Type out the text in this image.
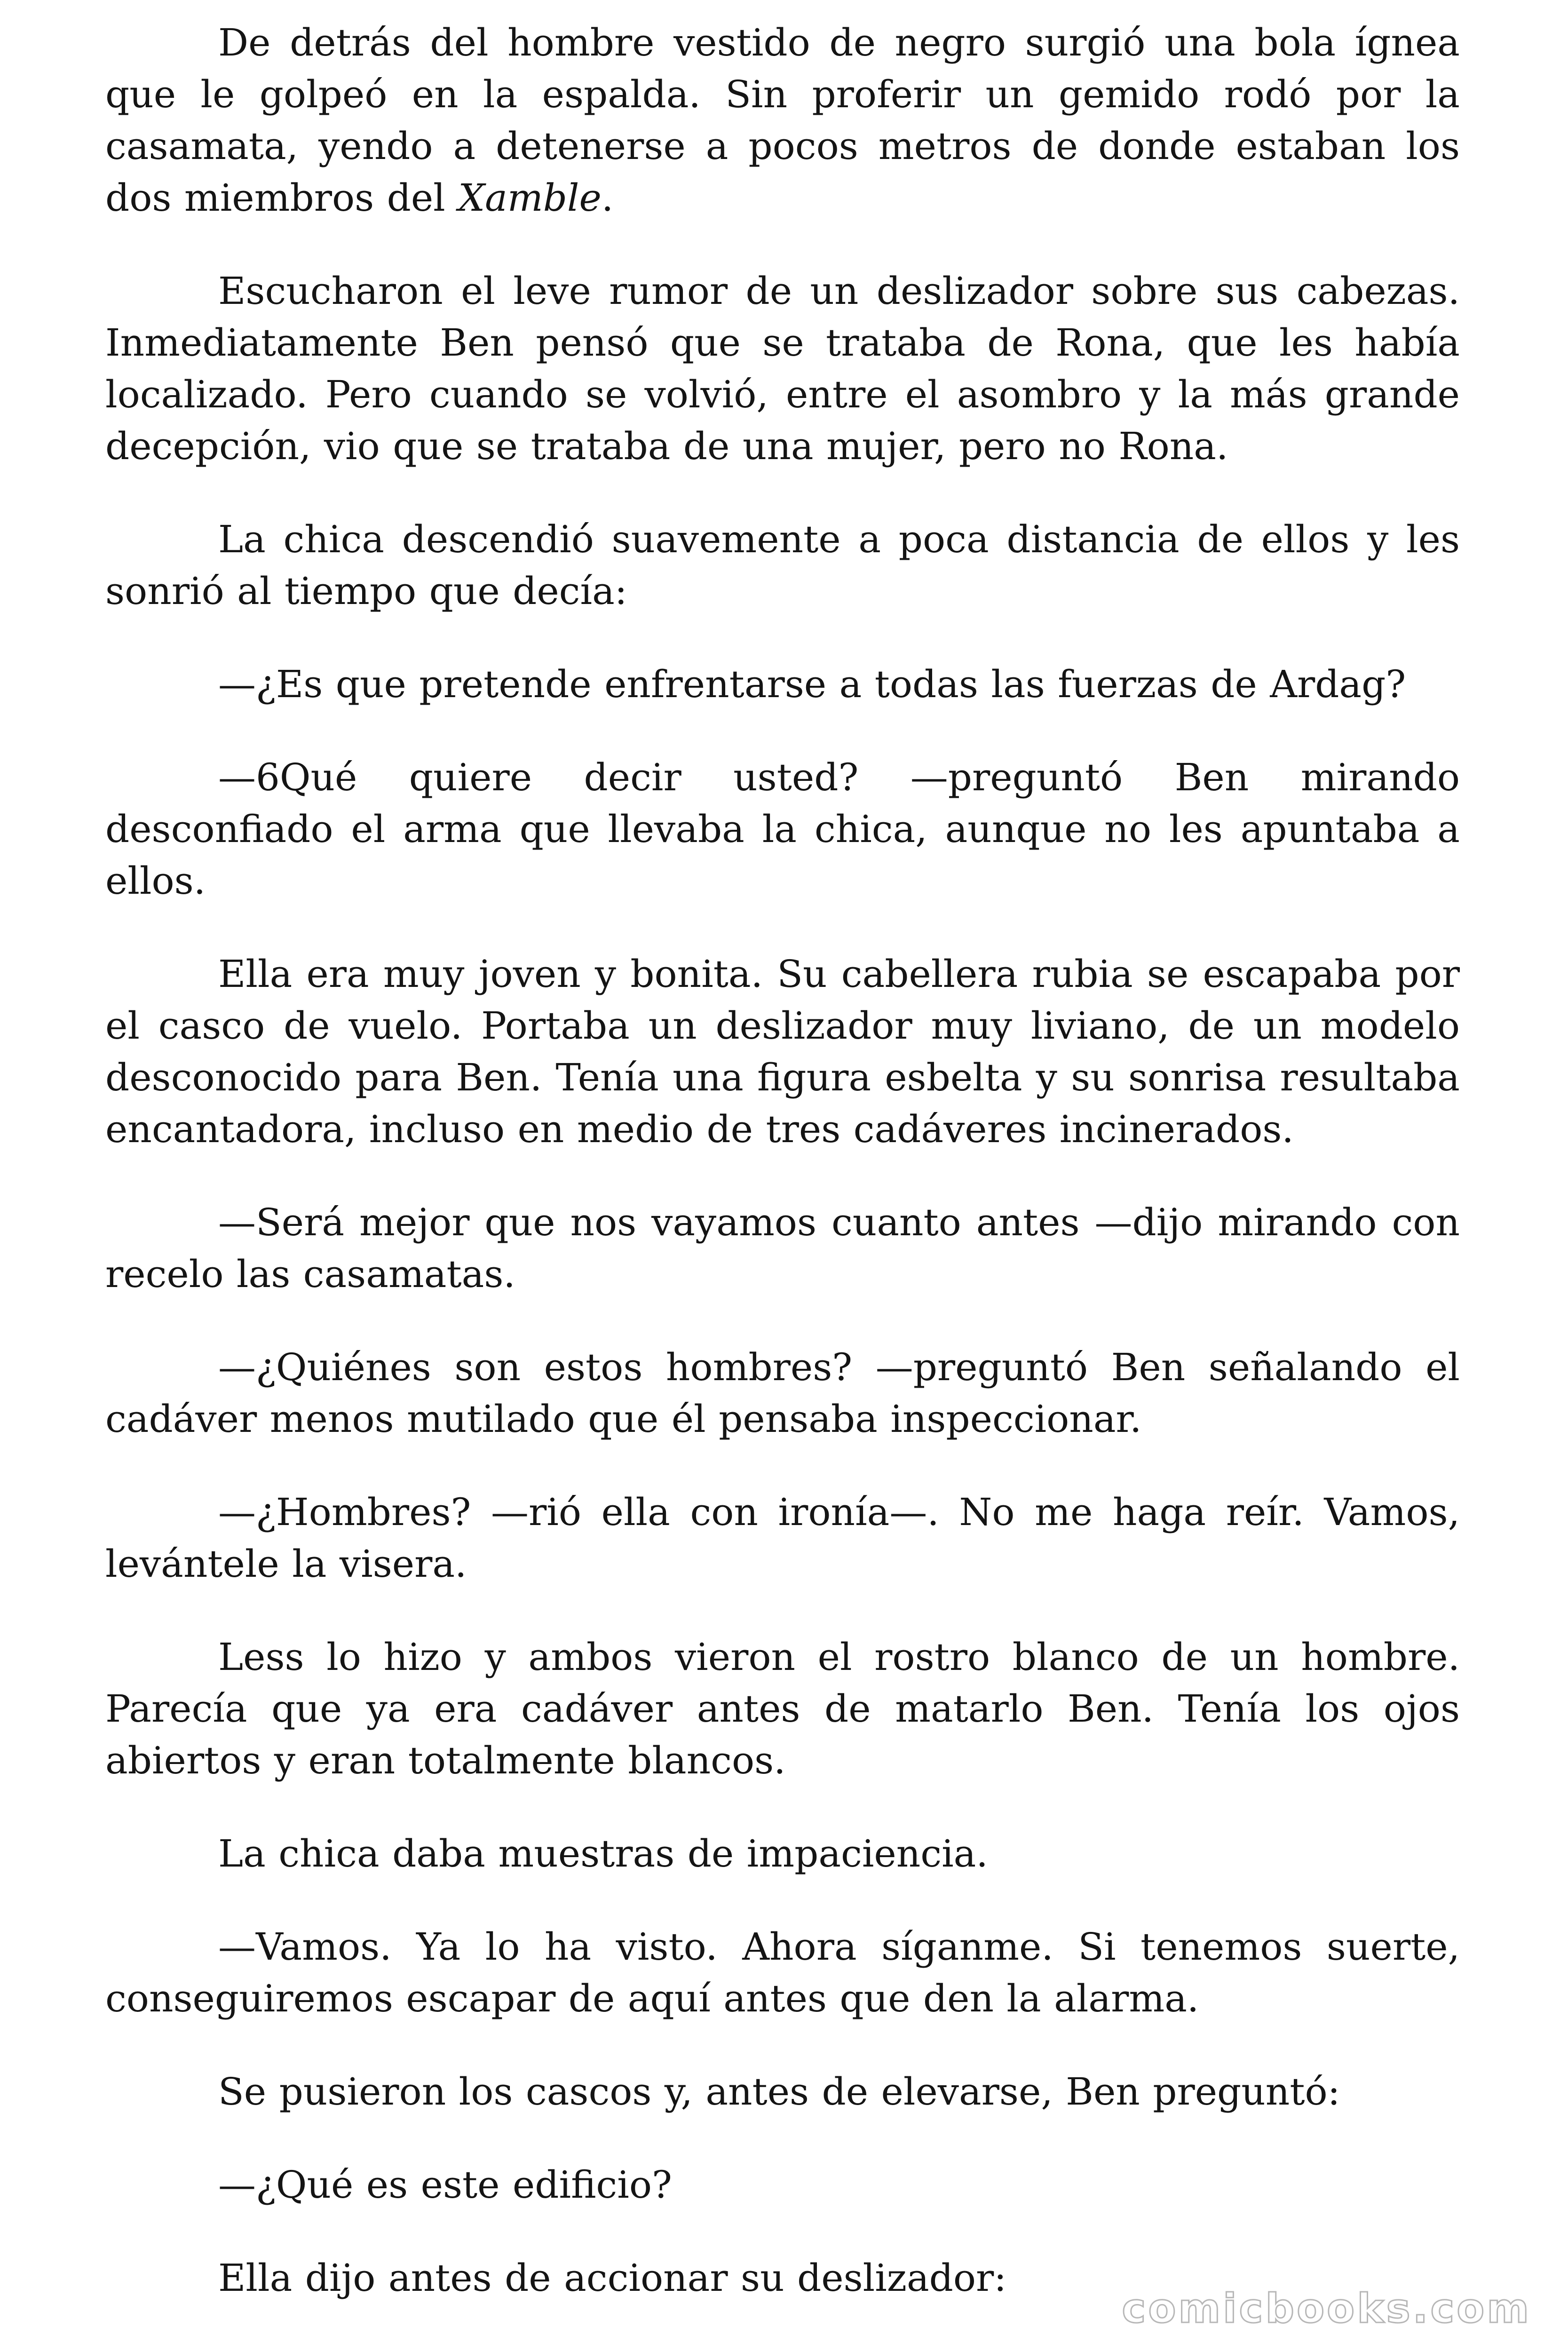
De detrás del hombre vestido de negro surgió una bola ígnea que le golpeó en la espalda. Sin proferir un gemido rodó por la casamata, yendo a detenerse a pocos metros de donde estaban los dos miembros del Xamble.

Escucharon el leve rumor de un deslizador sobre sus cabezas. Inmediatamente Ben pensó que se trataba de Rona, que les había localizado. Pero cuando se volvió, entre el asombro y la más grande decepción, vio que se trataba de una mujer, pero no Rona.

La chica descendió suavemente a poca distancia de ellos y les sonrió al tiempo que decía:

—¿Es que pretende enfrentarse a todas las fuerzas de Ardag?

—6Qué quiere decir usted? —preguntó Ben mirando desconfiado el arma que llevaba la chica, aunque no les apuntaba a ellos.

Ella era muy joven y bonita. Su cabellera rubia se escapaba por el casco de vuelo. Portaba un deslizador muy liviano, de un modelo desconocido para Ben. Tenía una figura esbelta y su sonrisa resultaba encantadora, incluso en medio de tres cadáveres incinerados.

—Será mejor que nos vayamos cuanto antes —dijo mirando con recelo las casamatas.

—¿Quiénes son estos hombres? —preguntó Ben señalando el cadáver menos mutilado que él pensaba inspeccionar.

—¿Hombres? —rió ella con ironía—. No me haga reír. Vamos, levántele la visera.

Less lo hizo y ambos vieron el rostro blanco de un hombre. Parecía que ya era cadáver antes de matarlo Ben. Tenía los ojos abiertos y eran totalmente blancos.

La chica daba muestras de impaciencia.

—Vamos. Ya lo ha visto. Ahora síganme. Si tenemos suerte, conseguiremos escapar de aquí antes que den la alarma.

Se pusieron los cascos y, antes de elevarse, Ben preguntó:

—¿Qué es este edificio?

Ella dijo antes de accionar su deslizador:

comicbooks.com
